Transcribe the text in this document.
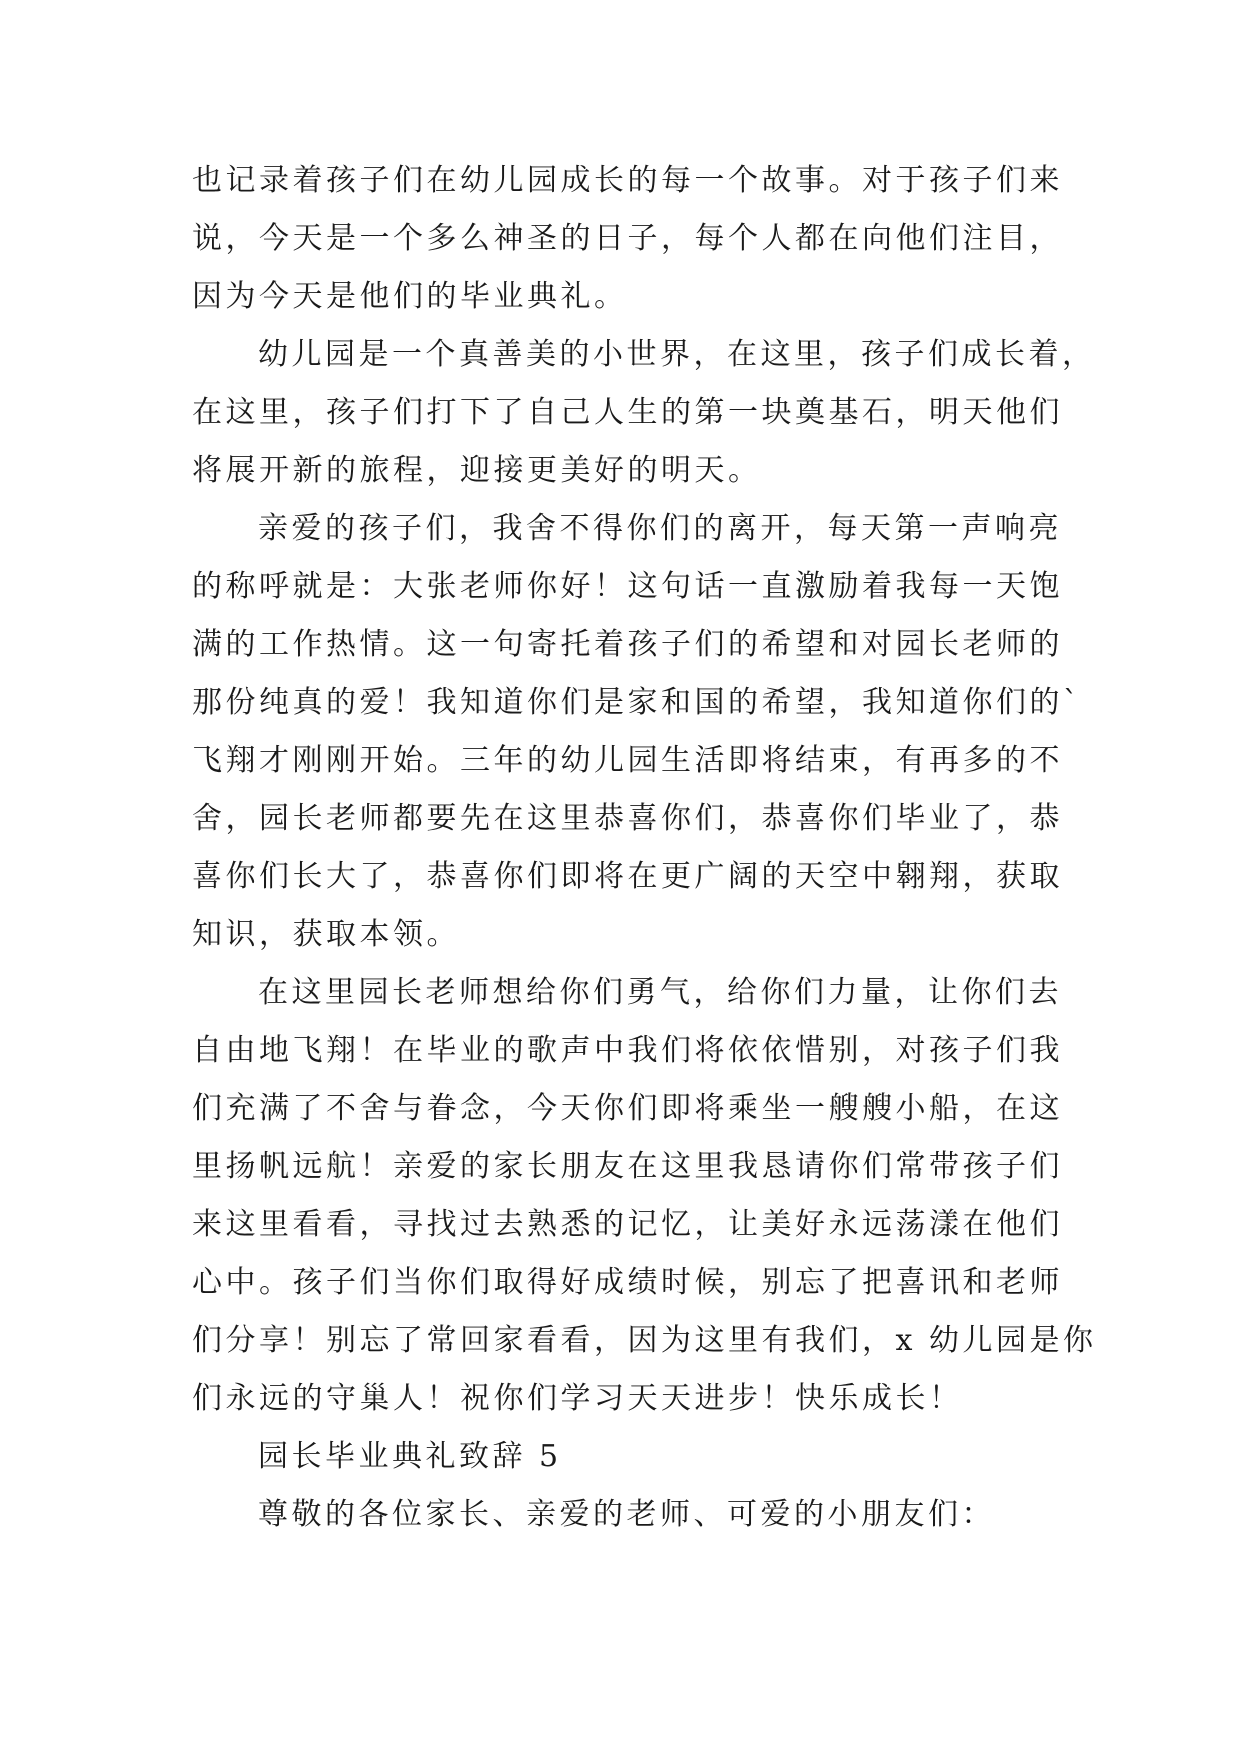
也记录着孩子们在幼儿园成长的每一个故事。对于孩子们来
说，今天是一个多么神圣的日子，每个人都在向他们注目，
因为今天是他们的毕业典礼。
幼儿园是一个真善美的小世界，在这里，孩子们成长着，
在这里，孩子们打下了自己人生的第一块奠基石，明天他们
将展开新的旅程，迎接更美好的明天。
亲爱的孩子们，我舍不得你们的离开，每天第一声响亮
的称呼就是：大张老师你好！这句话一直激励着我每一天饱
满的工作热情。这一句寄托着孩子们的希望和对园长老师的
那份纯真的爱！我知道你们是家和国的希望，我知道你们的`
飞翔才刚刚开始。三年的幼儿园生活即将结束，有再多的不
舍，园长老师都要先在这里恭喜你们，恭喜你们毕业了，恭
喜你们长大了，恭喜你们即将在更广阔的天空中翱翔，获取
知识，获取本领。
在这里园长老师想给你们勇气，给你们力量，让你们去
自由地飞翔！在毕业的歌声中我们将依依惜别，对孩子们我
们充满了不舍与眷念，今天你们即将乘坐一艘艘小船，在这
里扬帆远航！亲爱的家长朋友在这里我恳请你们常带孩子们
来这里看看，寻找过去熟悉的记忆，让美好永远荡漾在他们
心中。孩子们当你们取得好成绩时候，别忘了把喜讯和老师
们分享！别忘了常回家看看，因为这里有我们，x 幼儿园是你
们永远的守巢人！祝你们学习天天进步！快乐成长！
园长毕业典礼致辞 5
尊敬的各位家长、亲爱的老师、可爱的小朋友们：
